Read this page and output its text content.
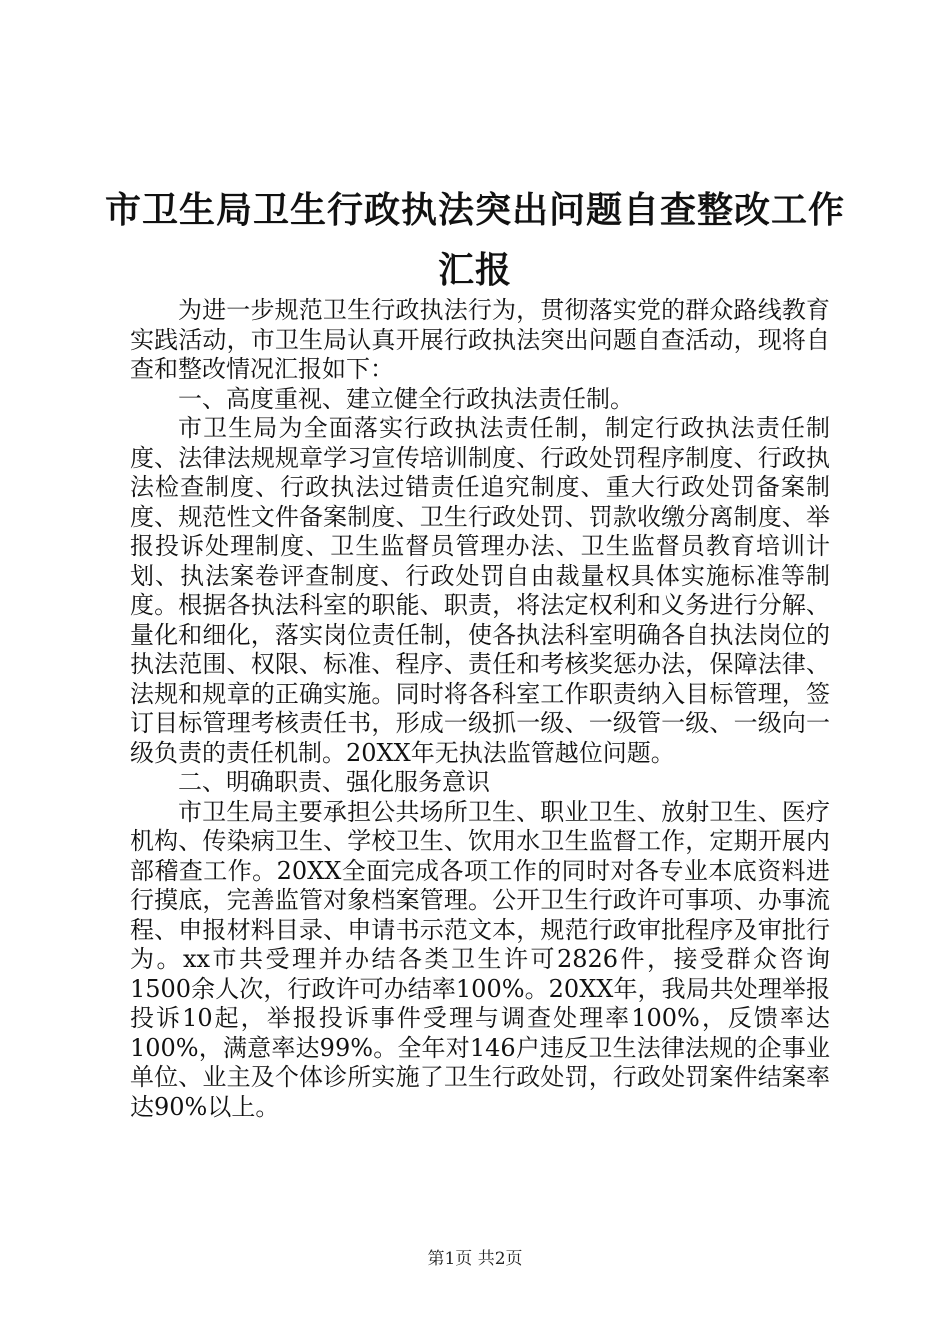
市卫生局卫生行政执法突出问题自查整改工作
汇报

为进一步规范卫生行政执法行为，贯彻落实党的群众路线教育实践活动，市卫生局认真开展行政执法突出问题自查活动，现将自查和整改情况汇报如下：

一、高度重视、建立健全行政执法责任制。

市卫生局为全面落实行政执法责任制，制定行政执法责任制度、法律法规规章学习宣传培训制度、行政处罚程序制度、行政执法检查制度、行政执法过错责任追究制度、重大行政处罚备案制度、规范性文件备案制度、卫生行政处罚、罚款收缴分离制度、举报投诉处理制度、卫生监督员管理办法、卫生监督员教育培训计划、执法案卷评查制度、行政处罚自由裁量权具体实施标准等制度。根据各执法科室的职能、职责，将法定权利和义务进行分解、量化和细化，落实岗位责任制，使各执法科室明确各自执法岗位的执法范围、权限、标准、程序、责任和考核奖惩办法，保障法律、法规和规章的正确实施。同时将各科室工作职责纳入目标管理，签订目标管理考核责任书，形成一级抓一级、一级管一级、一级向一级负责的责任机制。20XX年无执法监管越位问题。

二、明确职责、强化服务意识

市卫生局主要承担公共场所卫生、职业卫生、放射卫生、医疗机构、传染病卫生、学校卫生、饮用水卫生监督工作，定期开展内部稽查工作。20XX全面完成各项工作的同时对各专业本底资料进行摸底，完善监管对象档案管理。公开卫生行政许可事项、办事流程、申报材料目录、申请书示范文本，规范行政审批程序及审批行为。xx市共受理并办结各类卫生许可2826件，接受群众咨询1500余人次，行政许可办结率100%。20XX年，我局共处理举报投诉10起，举报投诉事件受理与调查处理率100%，反馈率达100%，满意率达99%。全年对146户违反卫生法律法规的企事业单位、业主及个体诊所实施了卫生行政处罚，行政处罚案件结案率达90%以上。

第1页 共2页
